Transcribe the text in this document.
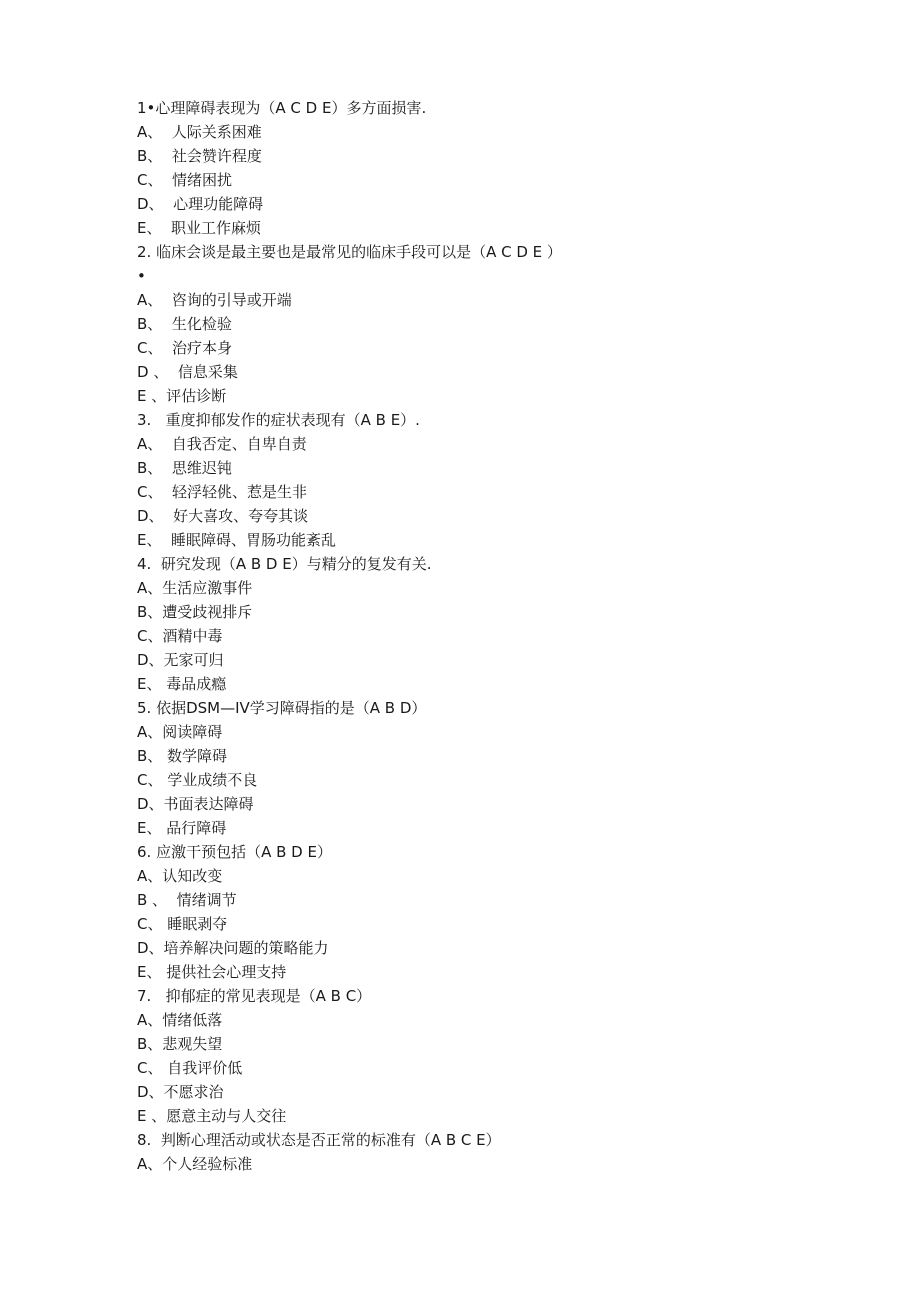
1•心理障碍表现为（A C D E）多方面损害.
A、  人际关系困难
B、  社会赞许程度
C、  情绪困扰
D、  心理功能障碍
E、  职业工作麻烦
2. 临床会谈是最主要也是最常见的临床手段可以是（A C D E ）
•
A、  咨询的引导或开端
B、  生化检验
C、  治疗本身
D 、  信息采集
E 、评估诊断
3.   重度抑郁发作的症状表现有（A B E）.
A、  自我否定、自卑自责
B、  思维迟钝
C、  轻浮轻佻、惹是生非
D、  好大喜攻、夸夸其谈
E、  睡眠障碍、胃肠功能紊乱
4.  研究发现（A B D E）与精分的复发有关.
A、生活应激事件
B、遭受歧视排斥
C、酒精中毒
D、无家可归
E、 毒品成瘾
5. 依据DSM—IV学习障碍指的是（A B D）
A、阅读障碍
B、 数学障碍
C、 学业成绩不良
D、书面表达障碍
E、 品行障碍
6. 应激干预包括（A B D E）
A、认知改变
B 、  情绪调节
C、 睡眠剥夺
D、培养解决问题的策略能力
E、 提供社会心理支持
7.   抑郁症的常见表现是（A B C）
A、情绪低落
B、悲观失望
C、 自我评价低
D、不愿求治
E 、愿意主动与人交往
8.  判断心理活动或状态是否正常的标准有（A B C E）
A、个人经验标准
